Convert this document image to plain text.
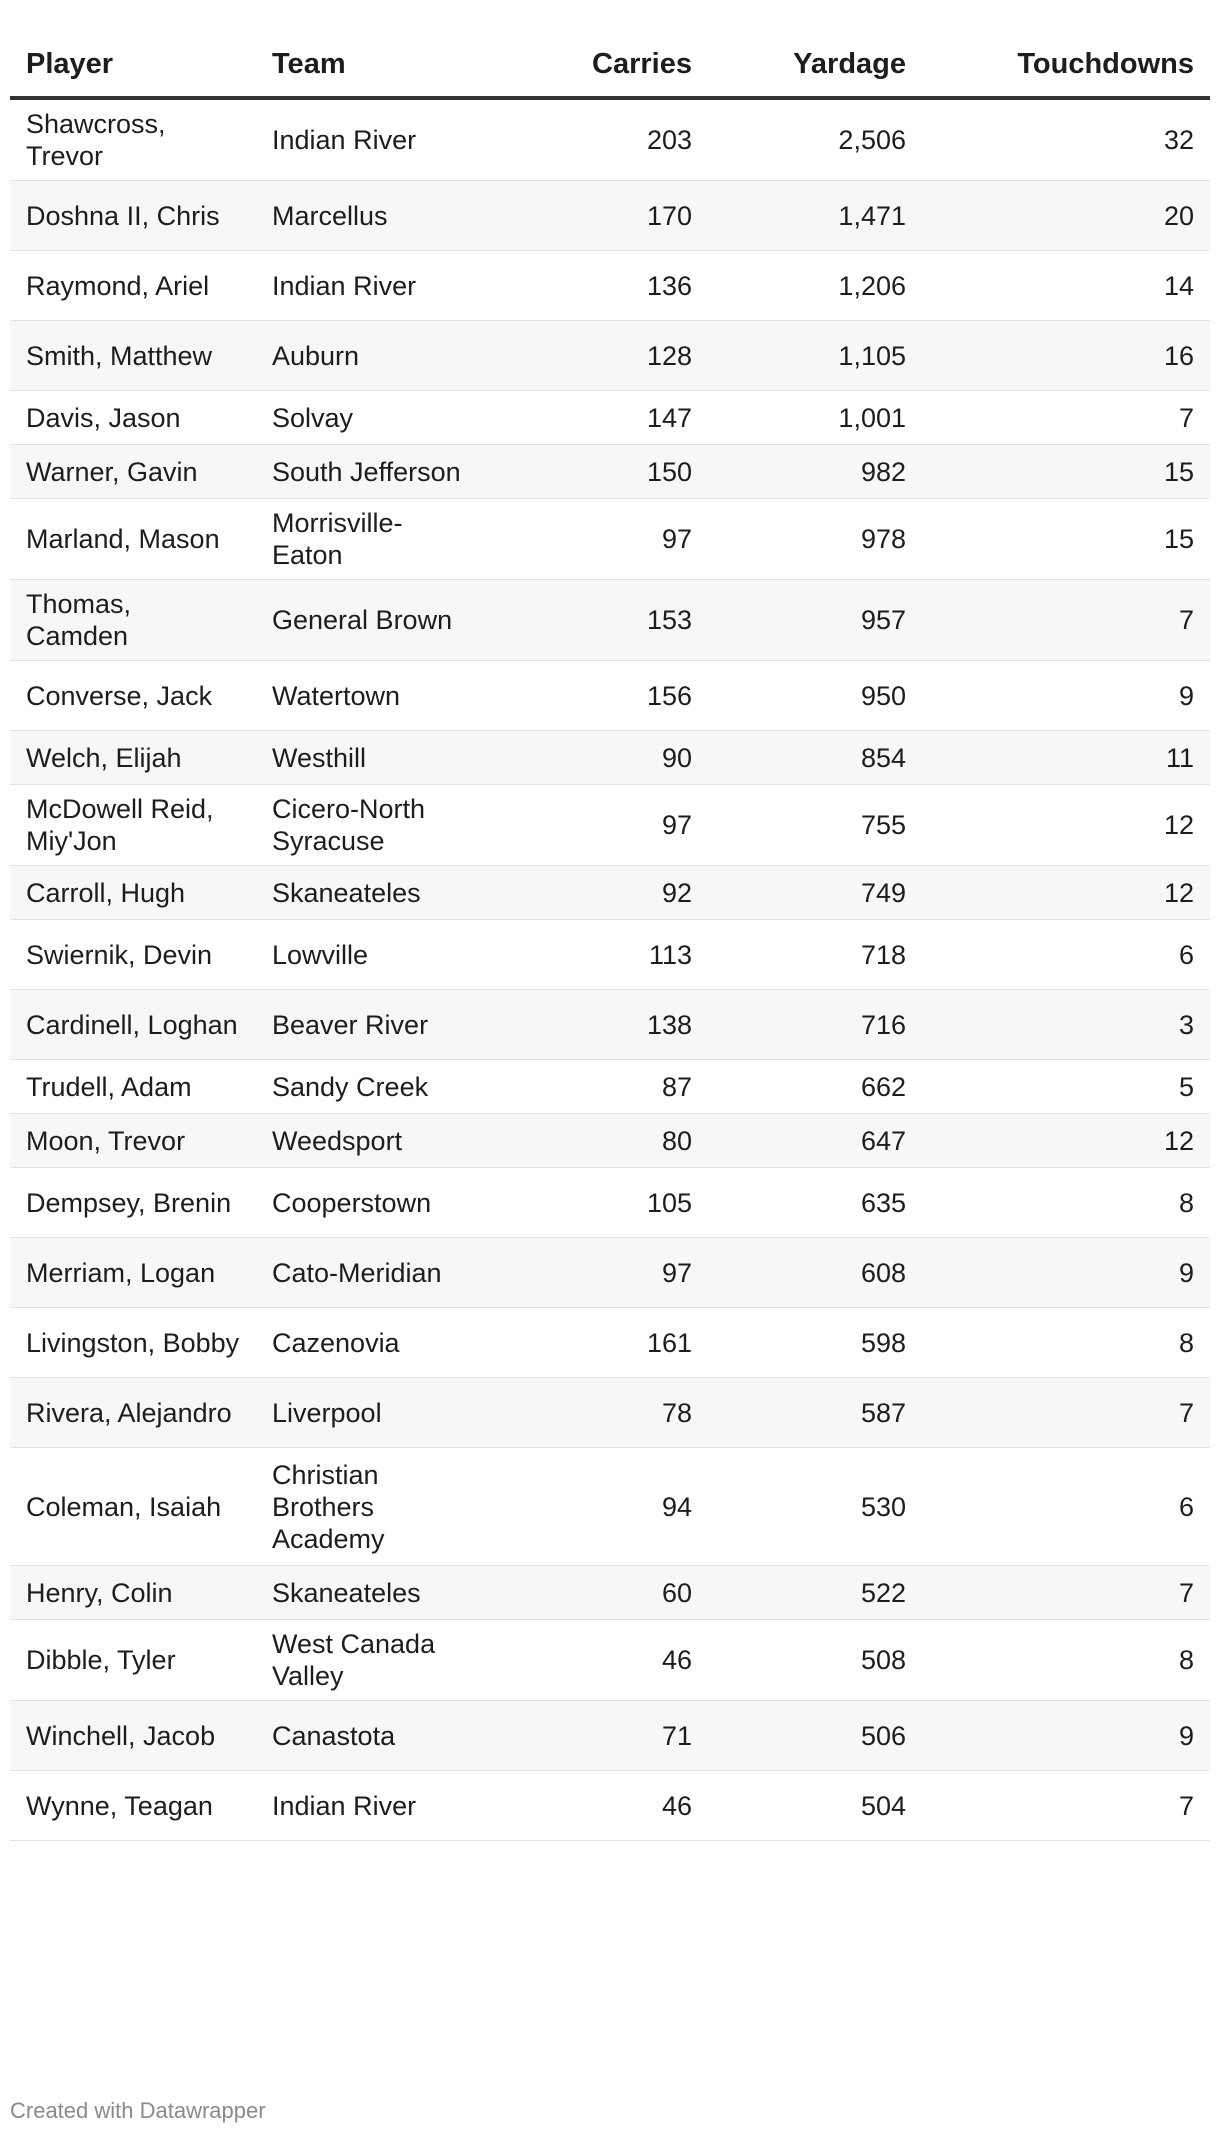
Player	Team	Carries	Yardage	Touchdowns
Shawcross, Trevor	Indian River	203	2,506	32
Doshna II, Chris	Marcellus	170	1,471	20
Raymond, Ariel	Indian River	136	1,206	14
Smith, Matthew	Auburn	128	1,105	16
Davis, Jason	Solvay	147	1,001	7
Warner, Gavin	South Jefferson	150	982	15
Marland, Mason	Morrisville-Eaton	97	978	15
Thomas, Camden	General Brown	153	957	7
Converse, Jack	Watertown	156	950	9
Welch, Elijah	Westhill	90	854	11
McDowell Reid, Miy'Jon	Cicero-North Syracuse	97	755	12
Carroll, Hugh	Skaneateles	92	749	12
Swiernik, Devin	Lowville	113	718	6
Cardinell, Loghan	Beaver River	138	716	3
Trudell, Adam	Sandy Creek	87	662	5
Moon, Trevor	Weedsport	80	647	12
Dempsey, Brenin	Cooperstown	105	635	8
Merriam, Logan	Cato-Meridian	97	608	9
Livingston, Bobby	Cazenovia	161	598	8
Rivera, Alejandro	Liverpool	78	587	7
Coleman, Isaiah	Christian Brothers Academy	94	530	6
Henry, Colin	Skaneateles	60	522	7
Dibble, Tyler	West Canada Valley	46	508	8
Winchell, Jacob	Canastota	71	506	9
Wynne, Teagan	Indian River	46	504	7
Created with Datawrapper
